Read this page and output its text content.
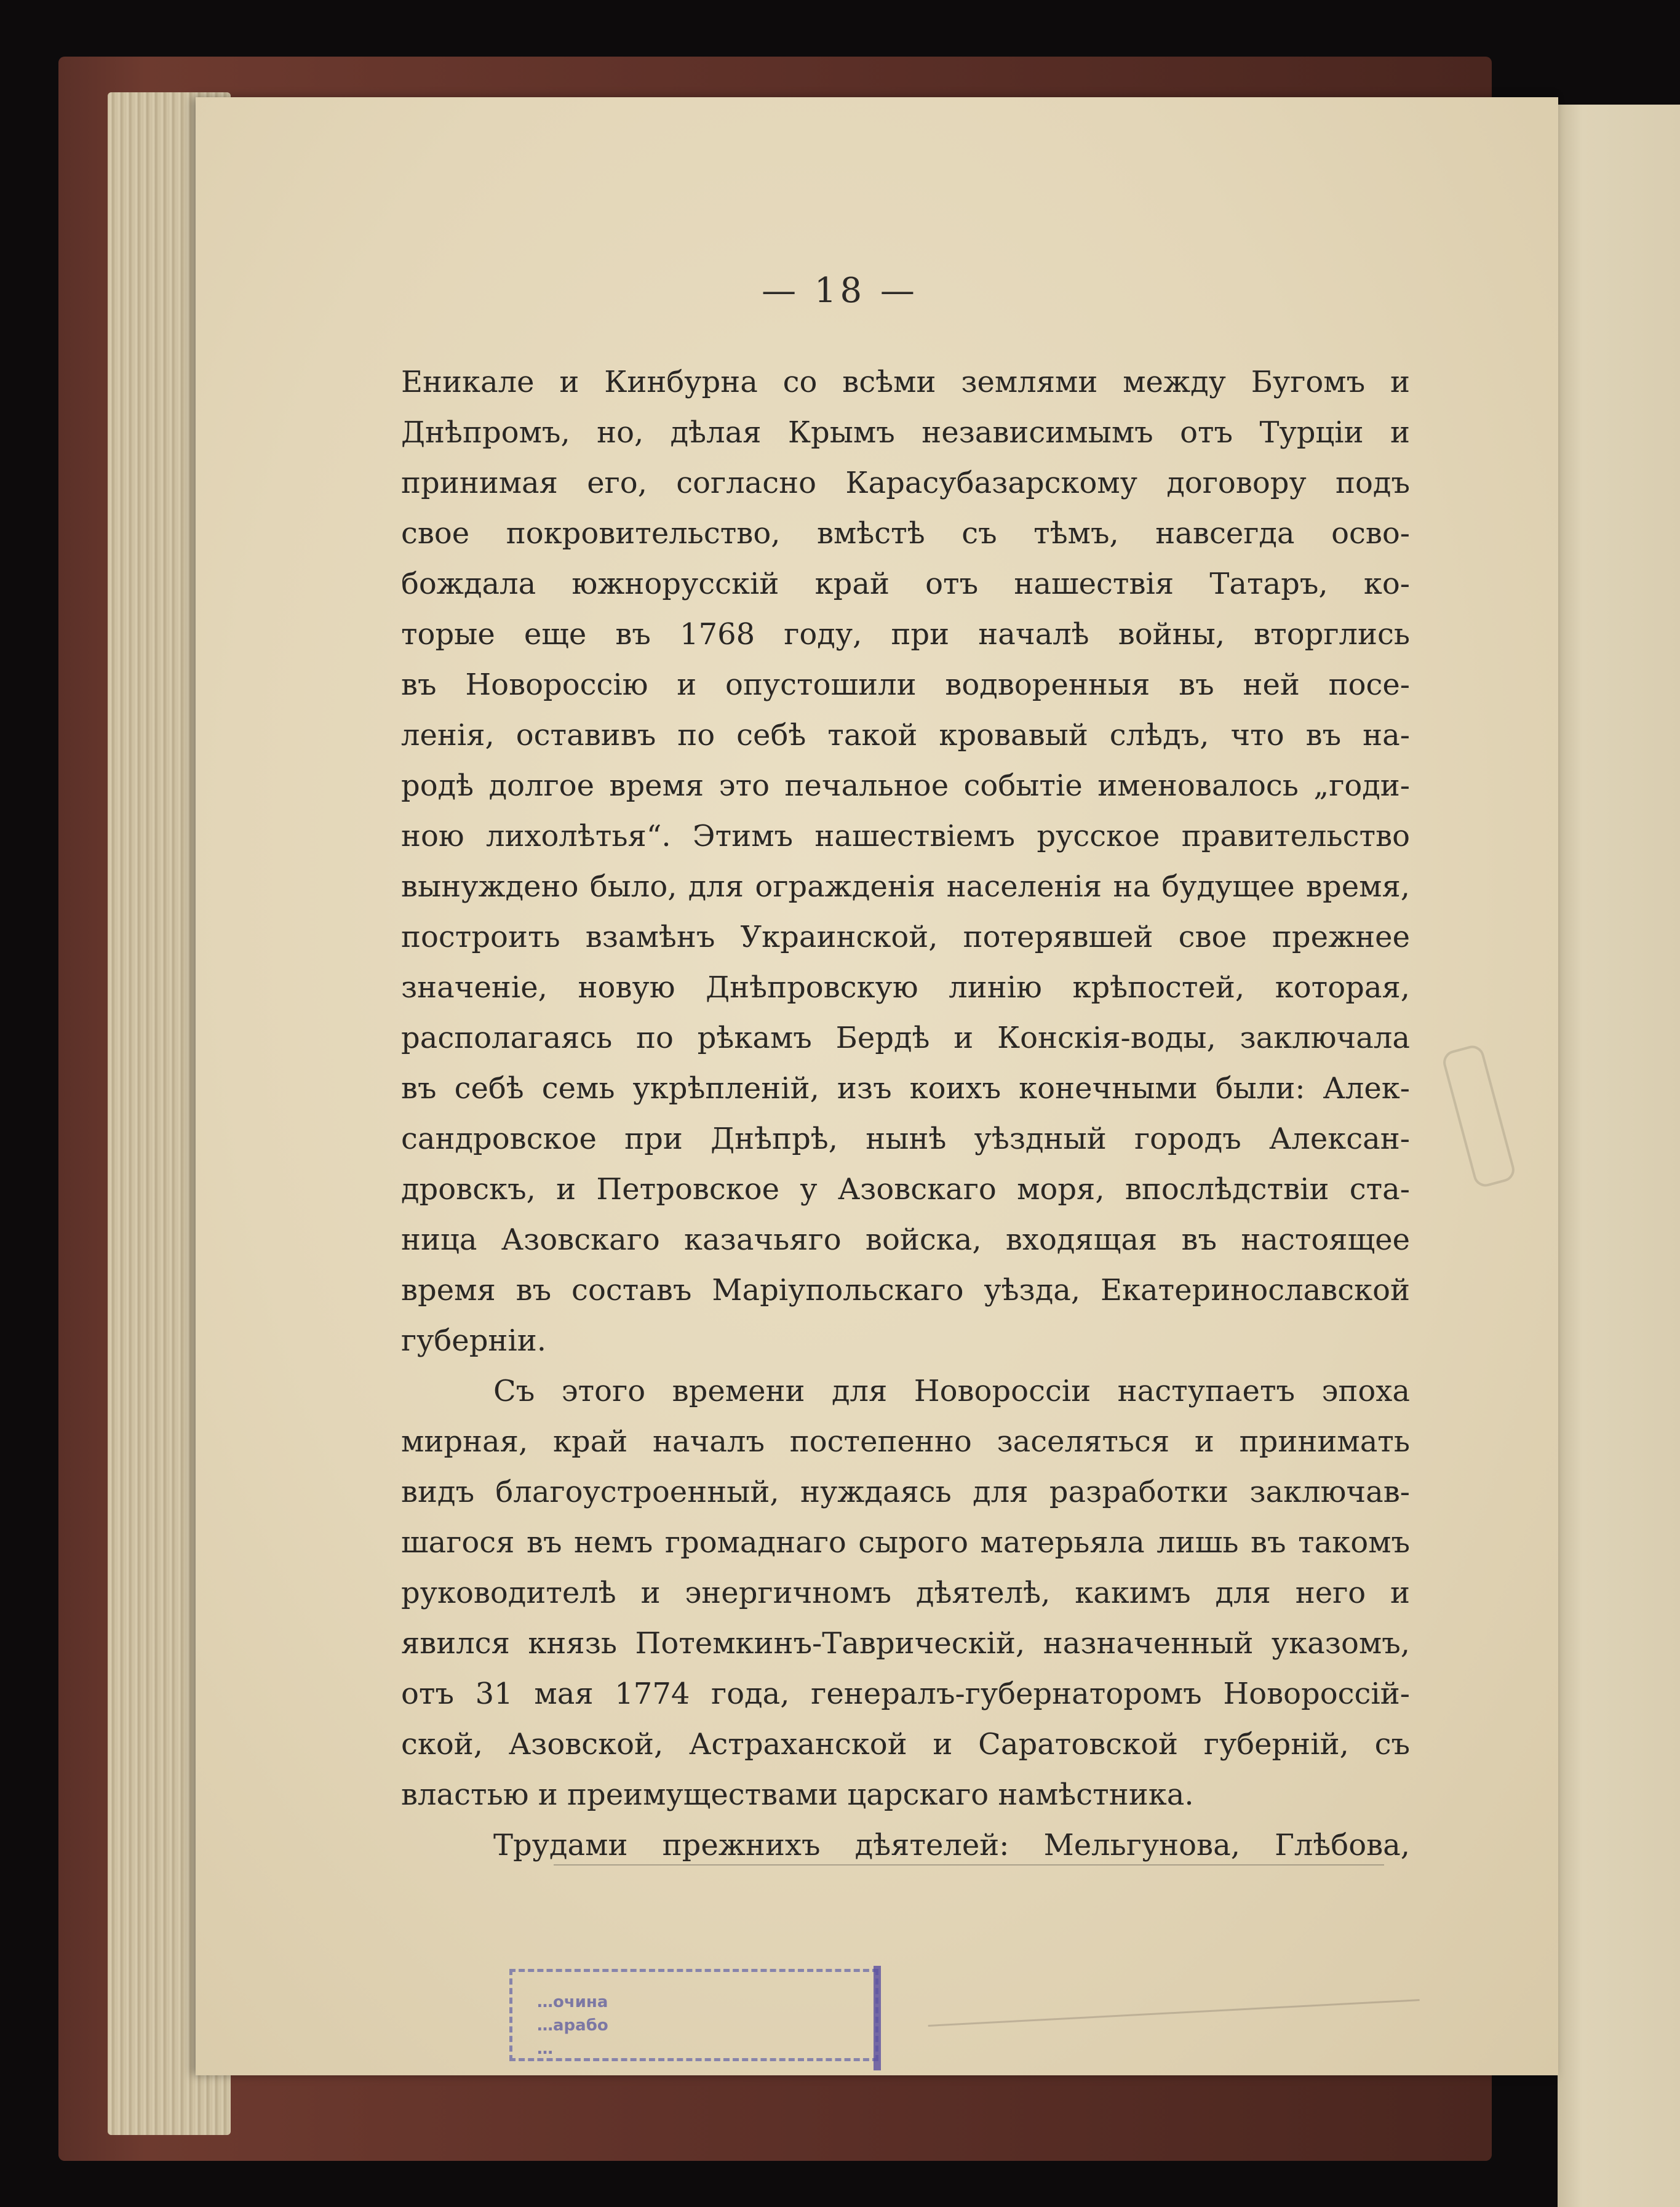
— 18 —
Еникале и Кинбурна со всѣми землями между Бугомъ и
Днѣпромъ, но, дѣлая Крымъ независимымъ отъ Турціи и
принимая его, согласно Карасубазарскому договору подъ
свое покровительство, вмѣстѣ съ тѣмъ, навсегда осво-
бождала южнорусскій край отъ нашествія Татаръ, ко-
торые еще въ 1768 году, при началѣ войны, вторглись
въ Новороссію и опустошили водворенныя въ ней посе-
ленія, оставивъ по себѣ такой кровавый слѣдъ, что въ на-
родѣ долгое время это печальное событіе именовалось „годи-
ною лихолѣтья“. Этимъ нашествіемъ русское правительство
вынуждено было, для огражденія населенія на будущее время,
построить взамѣнъ Украинской, потерявшей свое прежнее
значеніе, новую Днѣпровскую линію крѣпостей, которая,
располагаясь по рѣкамъ Бердѣ и Конскія-воды, заключала
въ себѣ семь укрѣпленій, изъ коихъ конечными были: Алек-
сандровское при Днѣпрѣ, нынѣ уѣздный городъ Алексан-
дровскъ, и Петровское у Азовскаго моря, впослѣдствіи ста-
ница Азовскаго казачьяго войска, входящая въ настоящее
время въ составъ Маріупольскаго уѣзда, Екатеринославской
губерніи.
Съ этого времени для Новороссіи наступаетъ эпоха
мирная, край началъ постепенно заселяться и принимать
видъ благоустроенный, нуждаясь для разработки заключав-
шагося въ немъ громаднаго сырого матерьяла лишь въ такомъ
руководителѣ и энергичномъ дѣятелѣ, какимъ для него и
явился князь Потемкинъ-Таврическій, назначенный указомъ,
отъ 31 мая 1774 года, генералъ-губернаторомъ Новороссій-
ской, Азовской, Астраханской и Саратовской губерній, съ
властью и преимуществами царскаго намѣстника.
Трудами прежнихъ дѣятелей: Мельгунова, Глѣбова,
…очина
…арабо
…
